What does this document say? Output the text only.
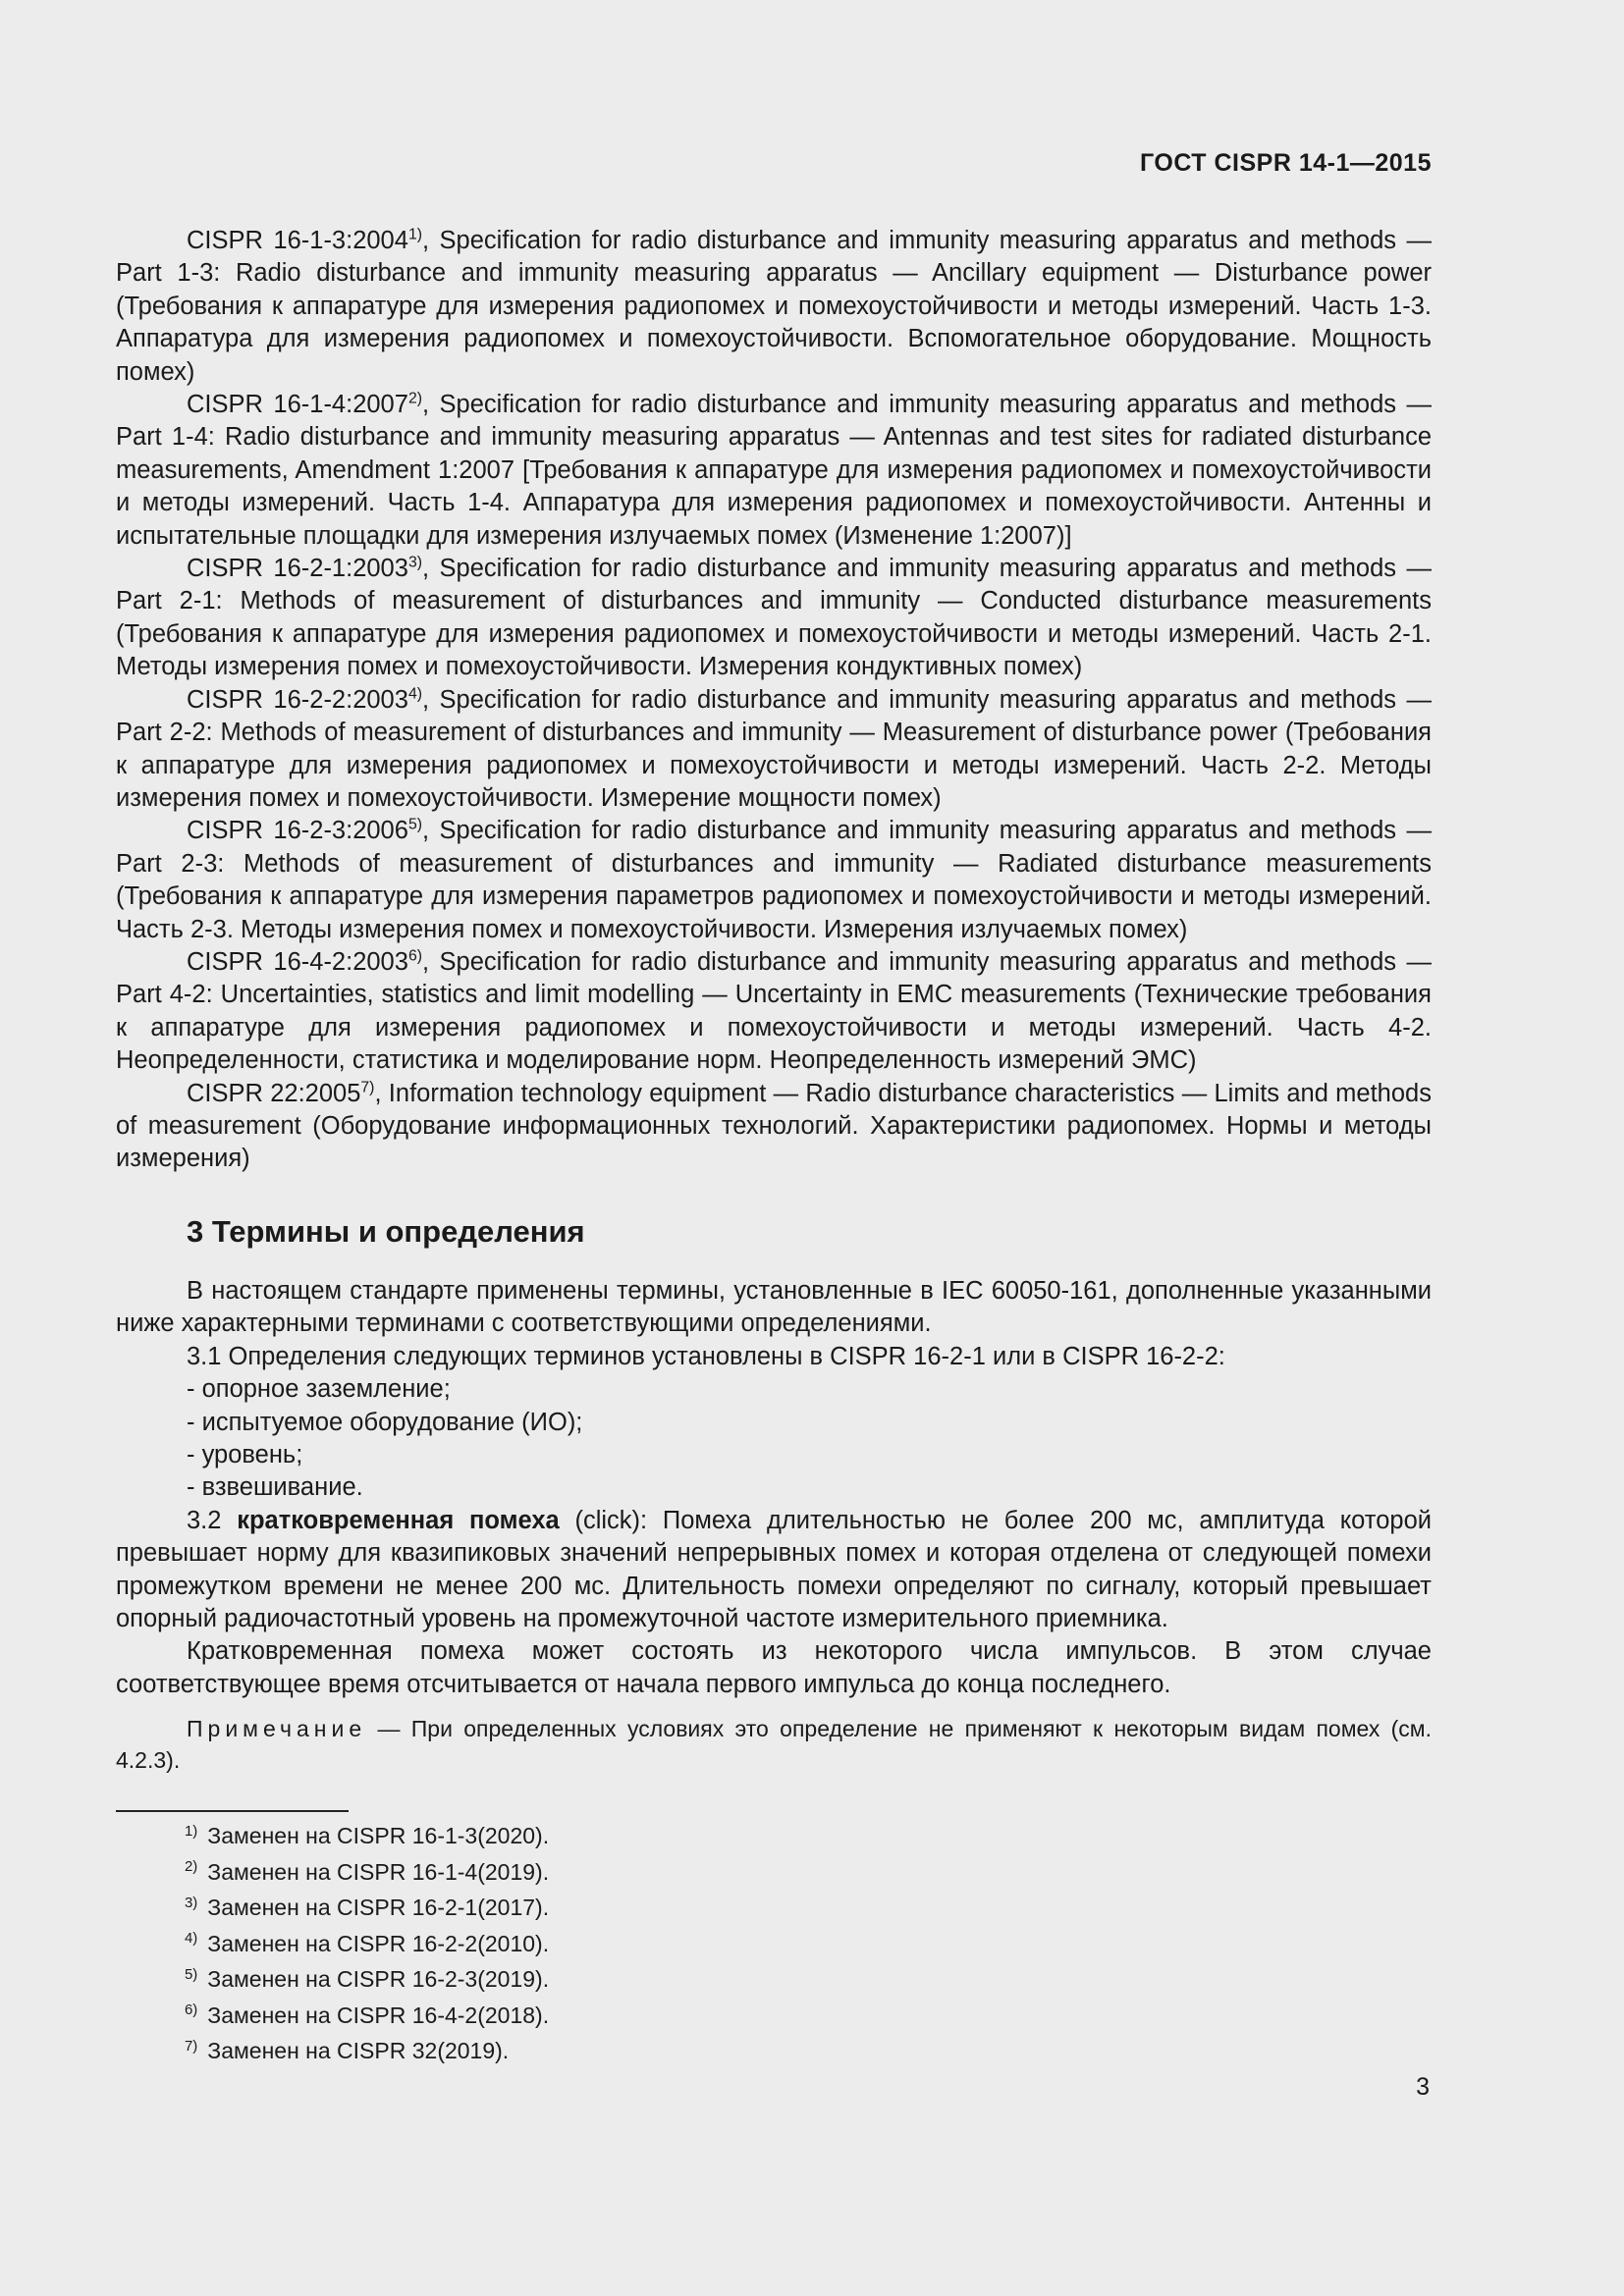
ГОСТ CISPR 14-1—2015

CISPR 16-1-3:2004$^{1)}$, Specification for radio disturbance and immunity measuring apparatus and methods — Part 1-3: Radio disturbance and immunity measuring apparatus — Ancillary equipment — Disturbance power (Требования к аппаратуре для измерения радиопомех и помехоустойчивости и методы измерений. Часть 1-3. Аппаратура для измерения радиопомех и помехоустойчивости. Вспомогательное оборудование. Мощность помех)

CISPR 16-1-4:2007$^{2)}$, Specification for radio disturbance and immunity measuring apparatus and methods — Part 1-4: Radio disturbance and immunity measuring apparatus — Antennas and test sites for radiated disturbance measurements, Amendment 1:2007 [Требования к аппаратуре для измерения радиопомех и помехоустойчивости и методы измерений. Часть 1-4. Аппаратура для измерения радиопомех и помехоустойчивости. Антенны и испытательные площадки для измерения излучаемых помех (Изменение 1:2007)]

CISPR 16-2-1:2003$^{3)}$, Specification for radio disturbance and immunity measuring apparatus and methods — Part 2-1: Methods of measurement of disturbances and immunity — Conducted disturbance measurements (Требования к аппаратуре для измерения радиопомех и помехоустойчивости и методы измерений. Часть 2-1. Методы измерения помех и помехоустойчивости. Измерения кондуктивных помех)

CISPR 16-2-2:2003$^{4)}$, Specification for radio disturbance and immunity measuring apparatus and methods — Part 2-2: Methods of measurement of disturbances and immunity — Measurement of disturbance power (Требования к аппаратуре для измерения радиопомех и помехоустойчивости и методы измерений. Часть 2-2. Методы измерения помех и помехоустойчивости. Измерение мощности помех)

CISPR 16-2-3:2006$^{5)}$, Specification for radio disturbance and immunity measuring apparatus and methods — Part 2-3: Methods of measurement of disturbances and immunity — Radiated disturbance measurements (Требования к аппаратуре для измерения параметров радиопомех и помехоустойчивости и методы измерений. Часть 2-3. Методы измерения помех и помехоустойчивости. Измерения излучаемых помех)

CISPR 16-4-2:2003$^{6)}$, Specification for radio disturbance and immunity measuring apparatus and methods — Part 4-2: Uncertainties, statistics and limit modelling — Uncertainty in EMC measurements (Технические требования к аппаратуре для измерения радиопомех и помехоустойчивости и методы измерений. Часть 4-2. Неопределенности, статистика и моделирование норм. Неопределенность измерений ЭМС)

CISPR 22:2005$^{7)}$, Information technology equipment — Radio disturbance characteristics — Limits and methods of measurement (Оборудование информационных технологий. Характеристики радиопомех. Нормы и методы измерения)

3 Термины и определения

В настоящем стандарте применены термины, установленные в IEC 60050-161, дополненные указанными ниже характерными терминами с соответствующими определениями.

3.1 Определения следующих терминов установлены в CISPR 16-2-1 или в CISPR 16-2-2:

- опорное заземление;

- испытуемое оборудование (ИО);

- уровень;

- взвешивание.

3.2 кратковременная помеха (click): Помеха длительностью не более 200 мс, амплитуда которой превышает норму для квазипиковых значений непрерывных помех и которая отделена от следующей помехи промежутком времени не менее 200 мс. Длительность помехи определяют по сигналу, который превышает опорный радиочастотный уровень на промежуточной частоте измерительного приемника.

Кратковременная помеха может состоять из некоторого числа импульсов. В этом случае соответствующее время отсчитывается от начала первого импульса до конца последнего.

Примечание — При определенных условиях это определение не применяют к некоторым видам помех (см. 4.2.3).
$^{1)}$ Заменен на CISPR 16-1-3(2020).
$^{2)}$ Заменен на CISPR 16-1-4(2019).
$^{3)}$ Заменен на CISPR 16-2-1(2017).
$^{4)}$ Заменен на CISPR 16-2-2(2010).
$^{5)}$ Заменен на CISPR 16-2-3(2019).
$^{6)}$ Заменен на CISPR 16-4-2(2018).
$^{7)}$ Заменен на CISPR 32(2019).
3
